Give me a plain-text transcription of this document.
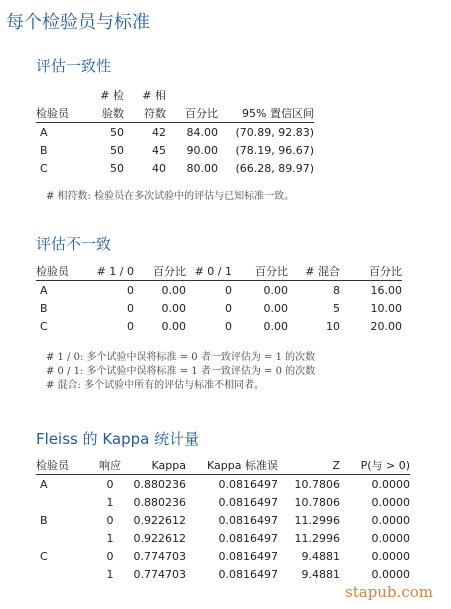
每个检验员与标准
评估一致性
	# 检	# 相		
检验员	验数	符数	百分比	95% 置信区间
A	50	42	84.00	(70.89, 92.83)
B	50	45	90.00	(78.19, 96.67)
C	50	40	80.00	(66.28, 89.97)
# 相符数: 检验员在多次试验中的评估与已知标准一致。
评估不一致
检验员	# 1 / 0	百分比	# 0 / 1	百分比	# 混合	百分比
A	0	0.00	0	0.00	8	16.00
B	0	0.00	0	0.00	5	10.00
C	0	0.00	0	0.00	10	20.00
# 1 / 0: 多个试验中误将标准 = 0 者一致评估为 = 1 的次数
# 0 / 1: 多个试验中误将标准 = 1 者一致评估为 = 0 的次数
# 混合: 多个试验中所有的评估与标准不相同者。
Fleiss 的 Kappa 统计量
检验员	响应	Kappa	Kappa 标准误	Z	P(与 > 0)
A	0	0.880236	0.0816497	10.7806	0.0000
	1	0.880236	0.0816497	10.7806	0.0000
B	0	0.922612	0.0816497	11.2996	0.0000
	1	0.922612	0.0816497	11.2996	0.0000
C	0	0.774703	0.0816497	9.4881	0.0000
	1	0.774703	0.0816497	9.4881	0.0000
stapub.com
